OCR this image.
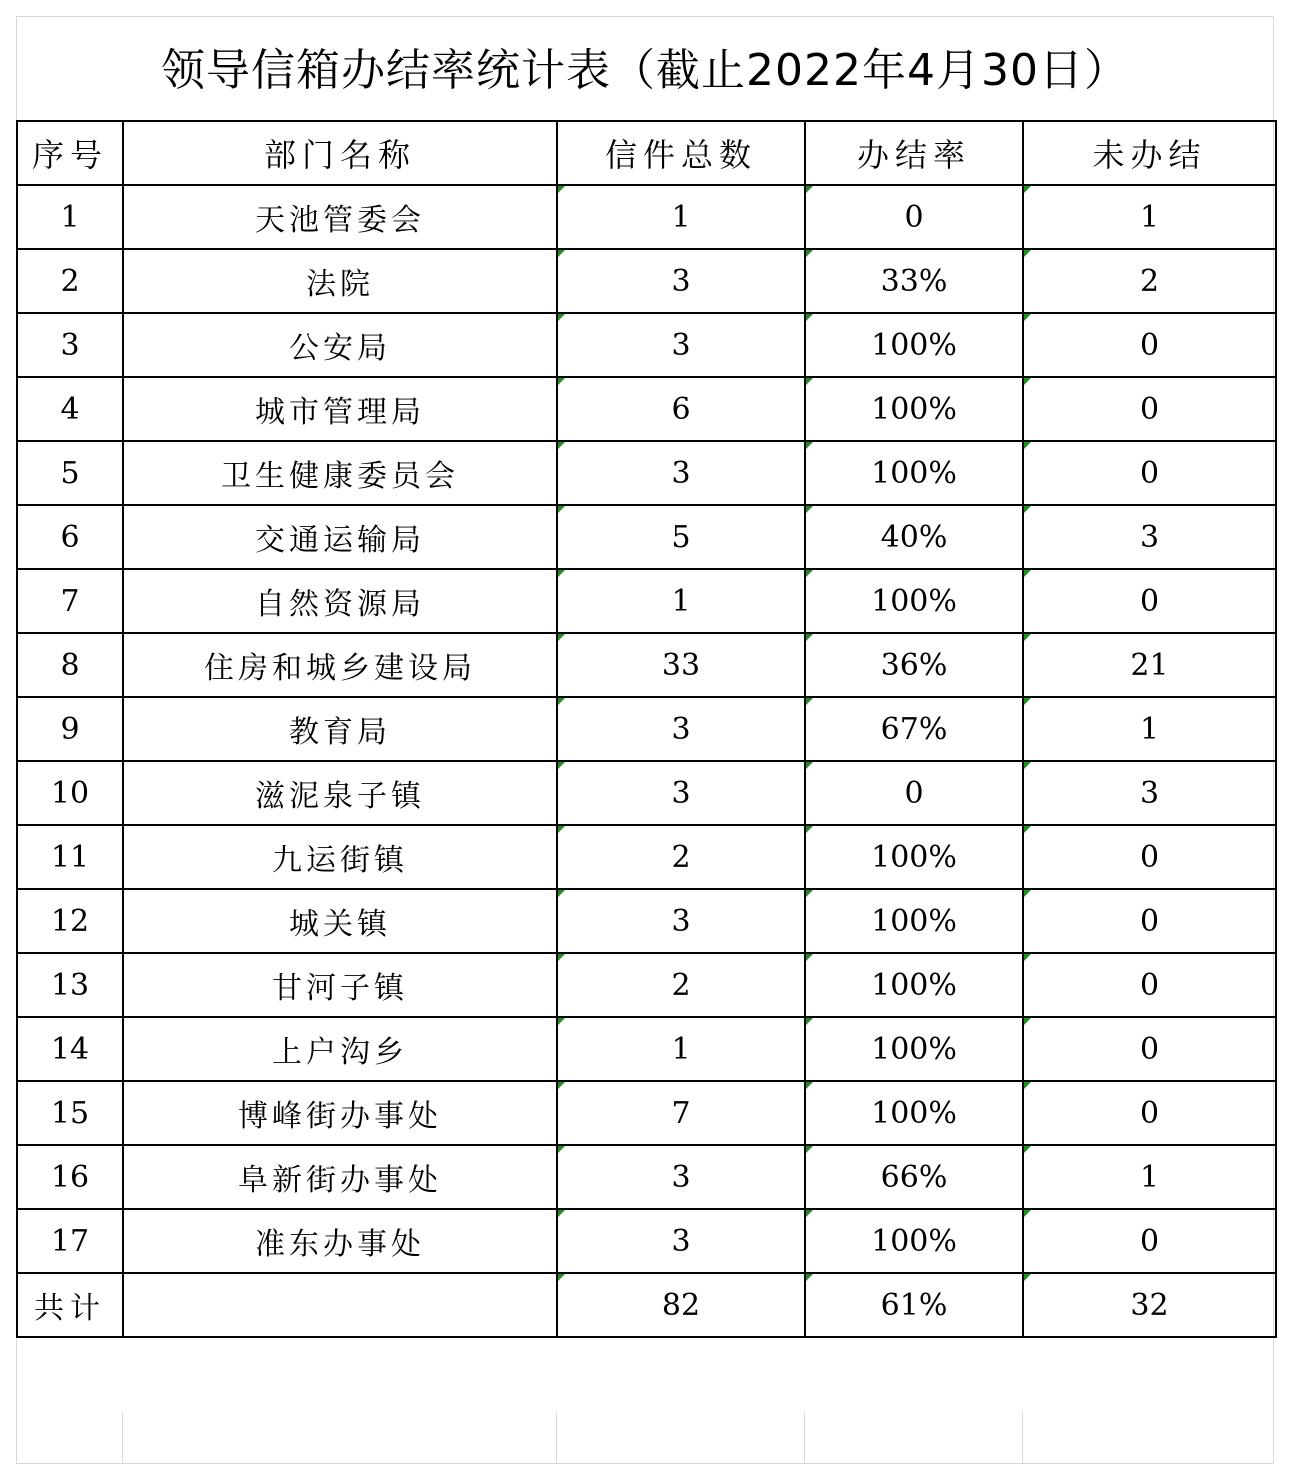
领导信箱办结率统计表（截止2022年4月30日）
序号	部门名称	信件总数	办结率	未办结
1	天池管委会	1	0	1
2	法院	3	33%	2
3	公安局	3	100%	0
4	城市管理局	6	100%	0
5	卫生健康委员会	3	100%	0
6	交通运输局	5	40%	3
7	自然资源局	1	100%	0
8	住房和城乡建设局	33	36%	21
9	教育局	3	67%	1
10	滋泥泉子镇	3	0	3
11	九运街镇	2	100%	0
12	城关镇	3	100%	0
13	甘河子镇	2	100%	0
14	上户沟乡	1	100%	0
15	博峰街办事处	7	100%	0
16	阜新街办事处	3	66%	1
17	准东办事处	3	100%	0
共计		82	61%	32
